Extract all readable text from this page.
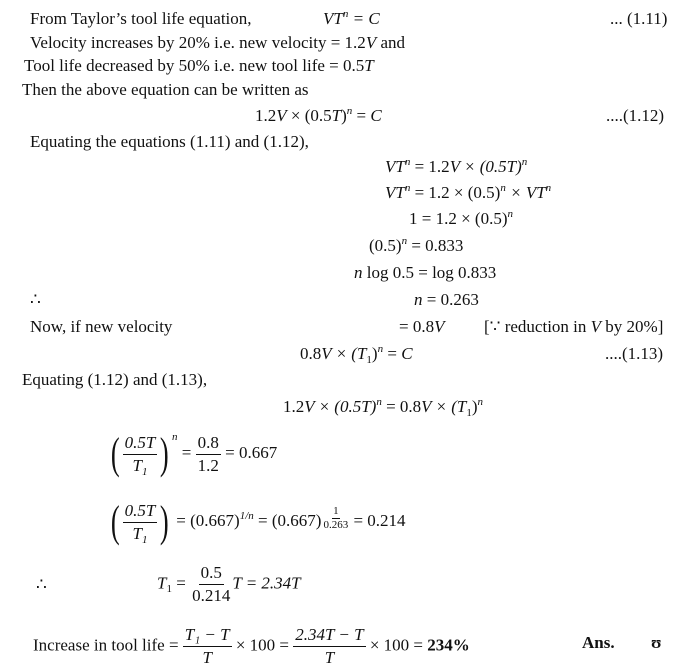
From Taylor’s tool life equation,	$VT^n = C$	... (1.11)
Velocity increases by 20% i.e. new velocity = 1.2V and
Tool life decreased by 50% i.e. new tool life = 0.5T
Then the above equation can be written as
$1.2V \times (0.5T)^n = C$	....(1.12)
Equating the equations (1.11) and (1.12),
$VT^n = 1.2V \times (0.5T)^n$
$VT^n = 1.2 \times (0.5)^n \times VT^n$
$1 = 1.2 \times (0.5)^n$
$(0.5)^n = 0.833$
n log 0.5 = log 0.833
∴	n = 0.263
Now, if new velocity	= 0.8V [∵ reduction in V by 20%]
$0.8V \times (T_1)^n = C$	....(1.13)
Equating (1.12) and (1.13),
$1.2V \times (0.5T)^n = 0.8V \times (T_1)^n$
( $\frac{0.5T}{T_1}$ ) $^n = \frac{0.8}{1.2} = 0.667$
( $\frac{0.5T}{T_1}$ ) = $(0.667)^{1/n} = (0.667) \frac{1}{0.263} = 0.214$
∴	$T_1 = \frac{0.5}{0.214}$ T = 2.34T
Increase in tool life = $\frac{\text{T₁ − T}}{T} \times 100 = \frac{2.34T - T}{T} \times 100 = 234\%$	Ans. ʊ
